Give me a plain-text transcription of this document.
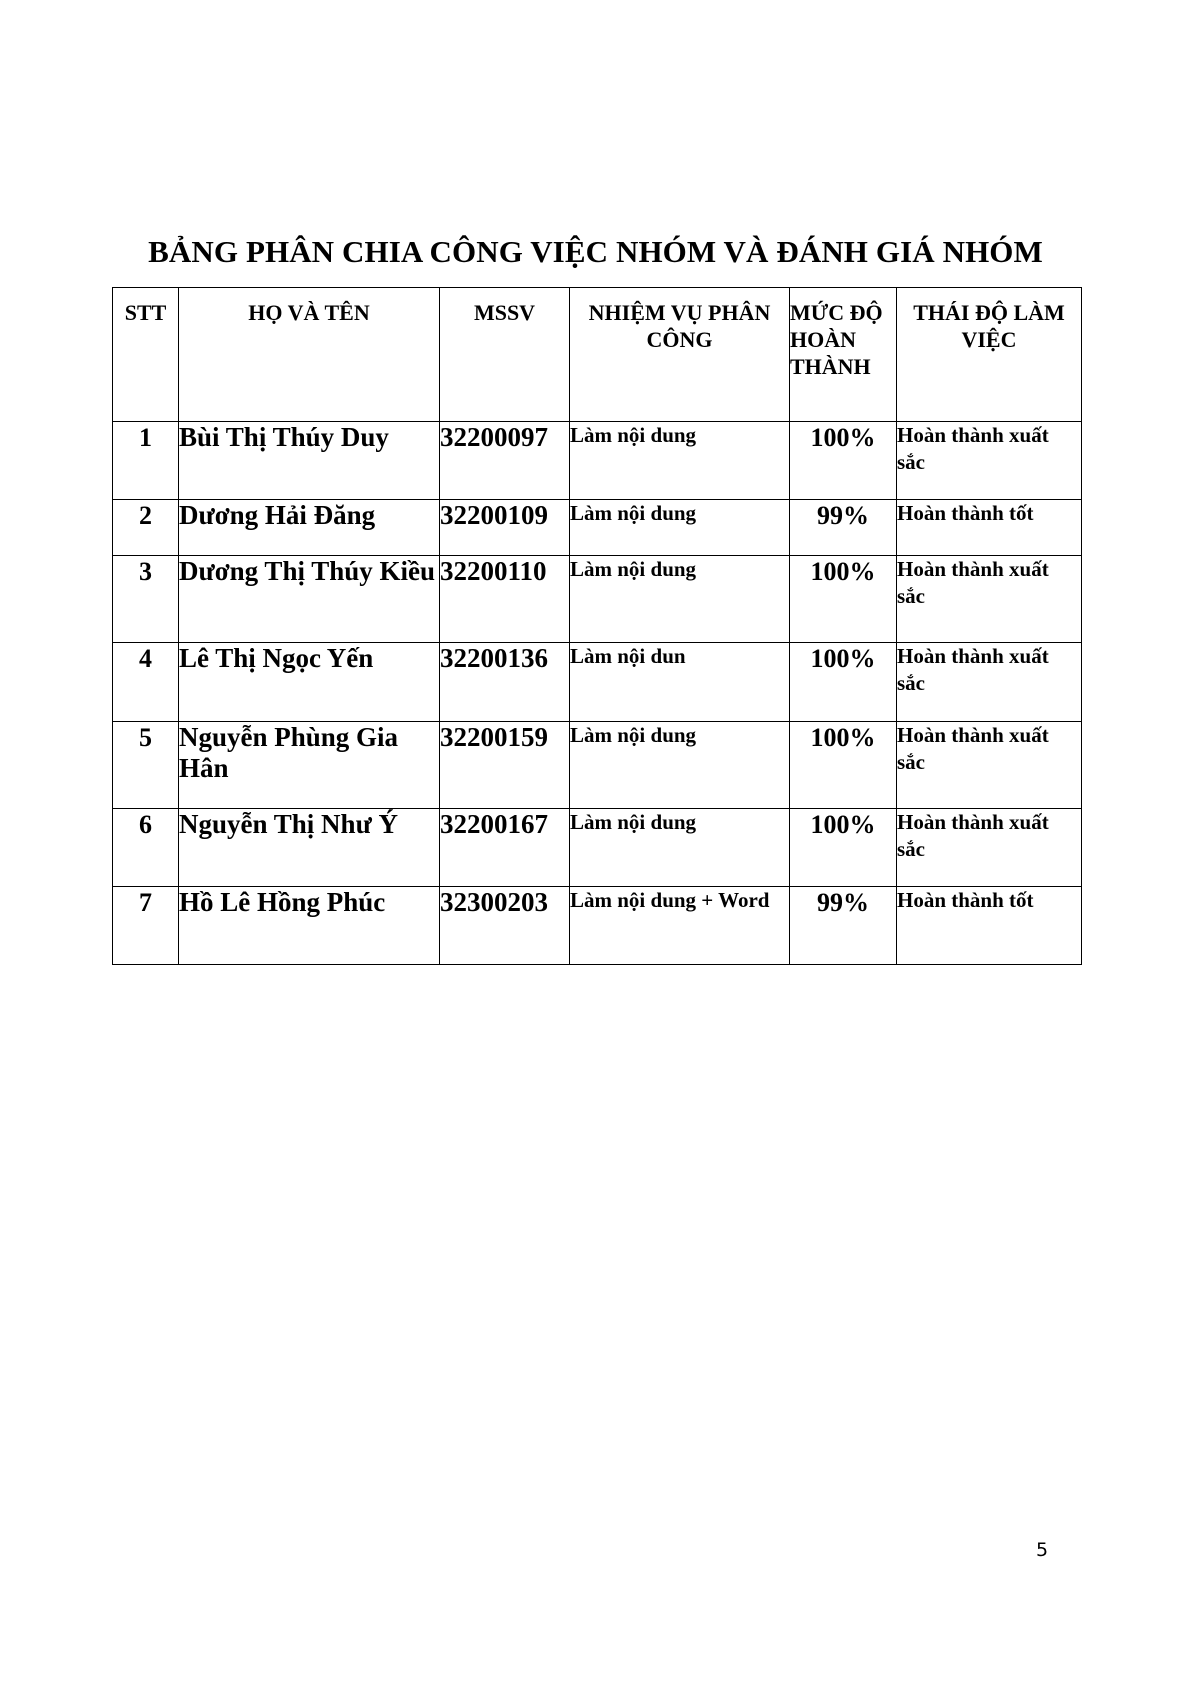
BẢNG PHÂN CHIA CÔNG VIỆC NHÓM VÀ ĐÁNH GIÁ NHÓM
STT	HỌ VÀ TÊN	MSSV	NHIỆM VỤ PHÂN CÔNG	MỨC ĐỘ HOÀN THÀNH	THÁI ĐỘ LÀM VIỆC
1	Bùi Thị Thúy Duy	32200097	Làm nội dung	100%	Hoàn thành xuất sắc
2	Dương Hải Đăng	32200109	Làm nội dung	99%	Hoàn thành tốt
3	Dương Thị Thúy Kiều	32200110	Làm nội dung	100%	Hoàn thành xuất sắc
4	Lê Thị Ngọc Yến	32200136	Làm nội dun	100%	Hoàn thành xuất sắc
5	Nguyễn Phùng Gia Hân	32200159	Làm nội dung	100%	Hoàn thành xuất sắc
6	Nguyễn Thị Như Ý	32200167	Làm nội dung	100%	Hoàn thành xuất sắc
7	Hồ Lê Hồng Phúc	32300203	Làm nội dung + Word	99%	Hoàn thành tốt
5
